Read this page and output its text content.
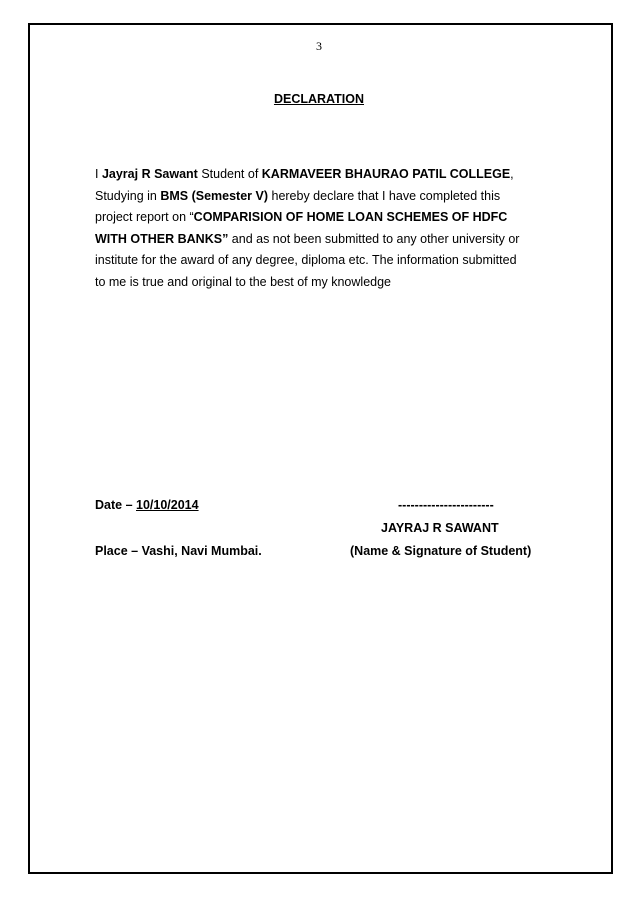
3
DECLARATION
I Jayraj R Sawant Student of KARMAVEER BHAURAO PATIL COLLEGE,
Studying in BMS (Semester V) hereby declare that I have completed this
project report on “COMPARISION OF HOME LOAN SCHEMES OF HDFC
WITH OTHER BANKS” and as not been submitted to any other university or
institute for the award of any degree, diploma etc. The information submitted
to me is true and original to the best of my knowledge
Date – 10/10/2014	-----------------------
JAYRAJ R SAWANT
Place – Vashi, Navi Mumbai.	(Name & Signature of Student)
